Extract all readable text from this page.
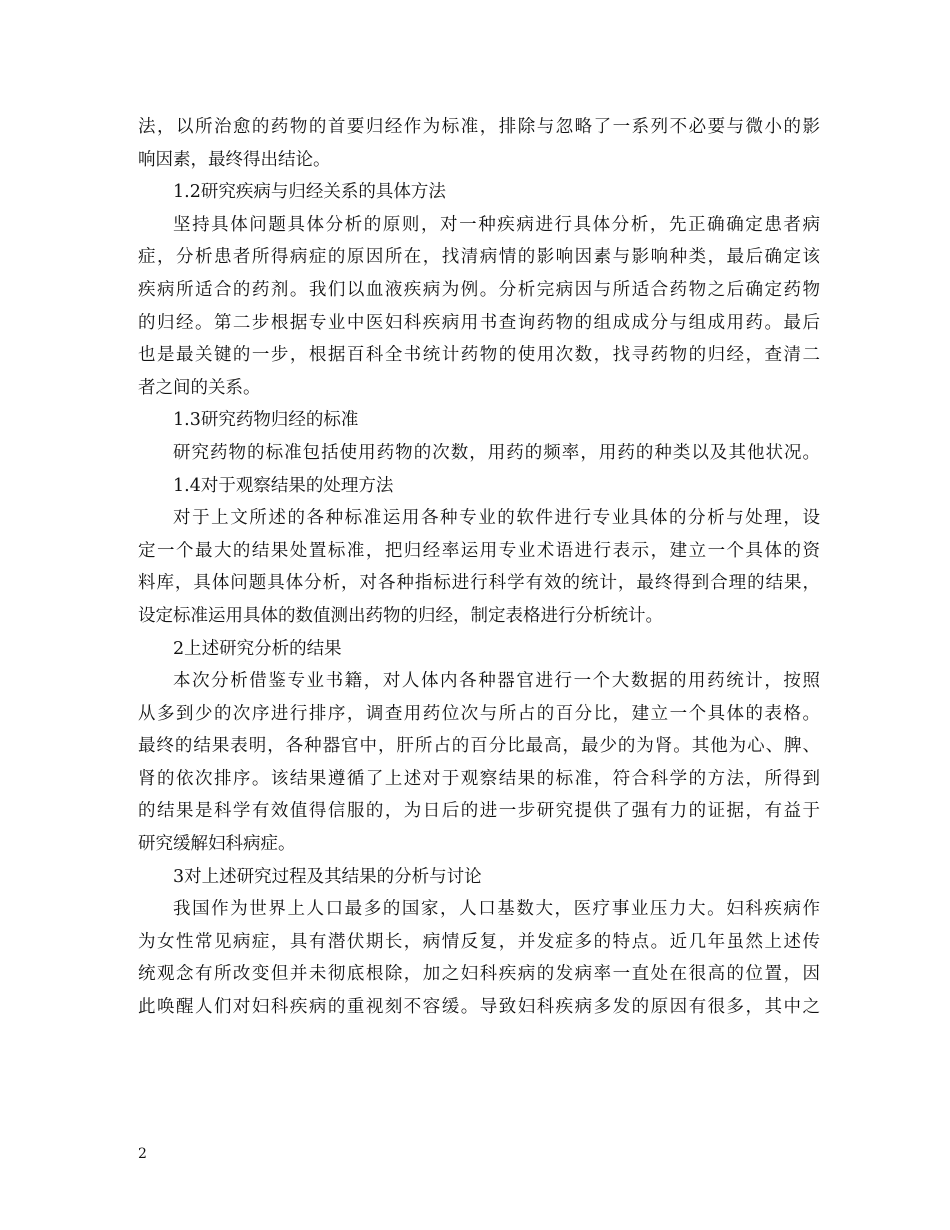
法，以所治愈的药物的首要归经作为标准，排除与忽略了一系列不必要与微小的影
响因素，最终得出结论。
1.2研究疾病与归经关系的具体方法
坚持具体问题具体分析的原则，对一种疾病进行具体分析，先正确确定患者病
症，分析患者所得病症的原因所在，找清病情的影响因素与影响种类，最后确定该
疾病所适合的药剂。我们以血液疾病为例。分析完病因与所适合药物之后确定药物
的归经。第二步根据专业中医妇科疾病用书查询药物的组成成分与组成用药。最后
也是最关键的一步，根据百科全书统计药物的使用次数，找寻药物的归经，查清二
者之间的关系。
1.3研究药物归经的标准
研究药物的标准包括使用药物的次数，用药的频率，用药的种类以及其他状况。
1.4对于观察结果的处理方法
对于上文所述的各种标准运用各种专业的软件进行专业具体的分析与处理，设
定一个最大的结果处置标准，把归经率运用专业术语进行表示，建立一个具体的资
料库，具体问题具体分析，对各种指标进行科学有效的统计，最终得到合理的结果，
设定标准运用具体的数值测出药物的归经，制定表格进行分析统计。
2上述研究分析的结果
本次分析借鉴专业书籍，对人体内各种器官进行一个大数据的用药统计，按照
从多到少的次序进行排序，调查用药位次与所占的百分比，建立一个具体的表格。
最终的结果表明，各种器官中，肝所占的百分比最高，最少的为肾。其他为心、脾、
肾的依次排序。该结果遵循了上述对于观察结果的标准，符合科学的方法，所得到
的结果是科学有效值得信服的，为日后的进一步研究提供了强有力的证据，有益于
研究缓解妇科病症。
3对上述研究过程及其结果的分析与讨论
我国作为世界上人口最多的国家，人口基数大，医疗事业压力大。妇科疾病作
为女性常见病症，具有潜伏期长，病情反复，并发症多的特点。近几年虽然上述传
统观念有所改变但并未彻底根除，加之妇科疾病的发病率一直处在很高的位置，因
此唤醒人们对妇科疾病的重视刻不容缓。导致妇科疾病多发的原因有很多，其中之
2
